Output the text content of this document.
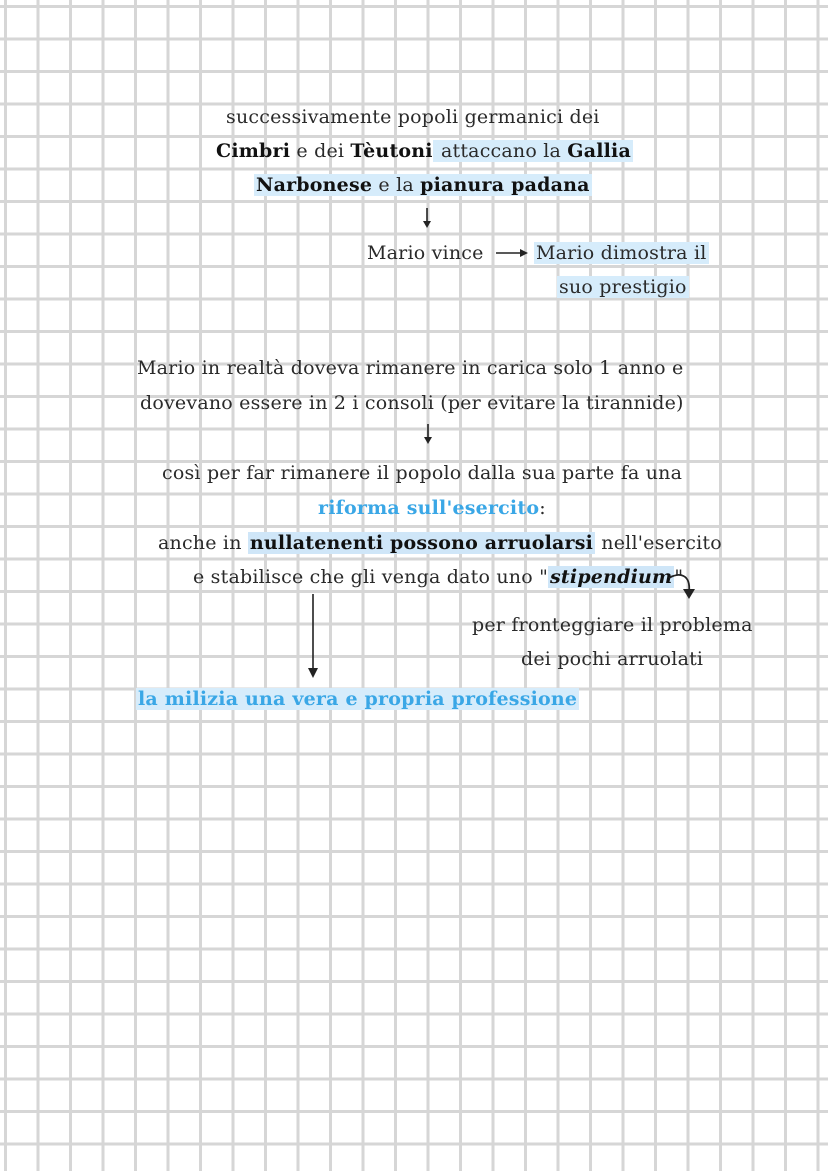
successivamente popoli germanici dei
Cimbri e dei Tèutoni attaccano la Gallia
Narbonese e la pianura padana
Mario vince	Mario dimostra il
suo prestigio
Mario in realtà doveva rimanere in carica solo 1 anno e
dovevano essere in 2 i consoli (per evitare la tirannide)
così per far rimanere il popolo dalla sua parte fa una
riforma sull'esercito:
anche in nullatenenti possono arruolarsi nell'esercito
e stabilisce che gli venga dato uno " stipendium "
per fronteggiare il problema
dei pochi arruolati
la milizia una vera e propria professione
